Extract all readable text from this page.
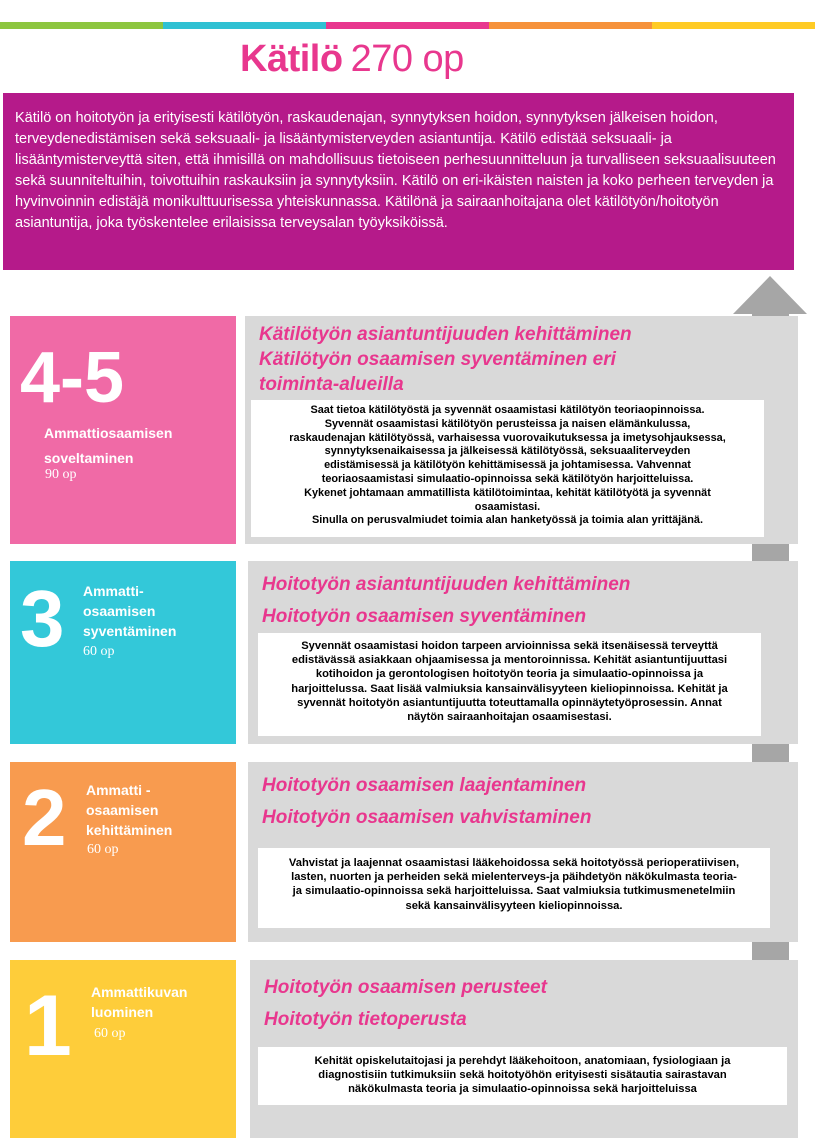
Kätilö 270 op
Kätilö on hoitotyön ja erityisesti kätilötyön, raskaudenajan, synnytyksen hoidon, synnytyksen jälkeisen hoidon, terveydenedistämisen sekä seksuaali- ja lisääntymisterveyden asiantuntija. Kätilö edistää seksuaali- ja lisääntymisterveyttä siten, että ihmisillä on mahdollisuus tietoiseen perhesuunnitteluun ja turvalliseen seksuaalisuuteen sekä suunniteltuihin, toivottuihin raskauksiin ja synnytyksiin. Kätilö on eri-ikäisten naisten ja koko perheen terveyden ja hyvinvoinnin edistäjä monikulttuurisessa yhteiskunnassa. Kätilönä ja sairaanhoitajana olet kätilötyön/hoitotyön asiantuntija, joka työskentelee erilaisissa terveysalan työyksiköissä.
4-5
Ammattiosaamisen
soveltaminen
90 op
Kätilötyön asiantuntijuuden kehittäminen
Kätilötyön osaamisen syventäminen eri
toiminta-alueilla
Saat tietoa kätilötyöstä ja syvennät osaamistasi kätilötyön teoriaopinnoissa.
Syvennät osaamistasi kätilötyön perusteissa ja naisen elämänkulussa,
raskaudenajan kätilötyössä, varhaisessa vuorovaikutuksessa ja imetysohjauksessa,
synnytyksenaikaisessa ja jälkeisessä kätilötyössä, seksuaaliterveyden
edistämisessä ja kätilötyön kehittämisessä ja johtamisessa. Vahvennat
teoriaosaamistasi simulaatio-opinnoissa sekä kätilötyön harjoitteluissa.
Kykenet johtamaan ammatillista kätilötoimintaa, kehität kätilötyötä ja syvennät
osaamistasi.
Sinulla on perusvalmiudet toimia alan hanketyössä ja toimia alan yrittäjänä.
3 Ammatti-
osaamisen
syventäminen
60 op
Hoitotyön asiantuntijuuden kehittäminen
Hoitotyön osaamisen syventäminen
Syvennät osaamistasi hoidon tarpeen arvioinnissa sekä itsenäisessä terveyttä
edistävässä asiakkaan ohjaamisessa ja mentoroinnissa. Kehität asiantuntijuuttasi
kotihoidon ja gerontologisen hoitotyön teoria ja simulaatio-opinnoissa ja
harjoittelussa. Saat lisää valmiuksia kansainvälisyyteen kieliopinnoissa. Kehität ja
syvennät hoitotyön asiantuntijuutta toteuttamalla opinnäytetyöprosessin. Annat
näytön sairaanhoitajan osaamisestasi.
2 Ammatti -
osaamisen
kehittäminen
60 op
Hoitotyön osaamisen laajentaminen
Hoitotyön osaamisen vahvistaminen
Vahvistat ja laajennat osaamistasi lääkehoidossa sekä hoitotyössä perioperatiivisen,
lasten, nuorten ja perheiden sekä mielenterveys-ja päihdetyön näkökulmasta teoria-
ja simulaatio-opinnoissa sekä harjoitteluissa. Saat valmiuksia tutkimusmenetelmiin
sekä kansainvälisyyteen kieliopinnoissa.
1 Ammattikuvan
luominen
60 op
Hoitotyön osaamisen perusteet
Hoitotyön tietoperusta
Kehität opiskelutaitojasi ja perehdyt lääkehoitoon, anatomiaan, fysiologiaan ja
diagnostisiin tutkimuksiin sekä hoitotyöhön erityisesti sisätautia sairastavan
näkökulmasta teoria ja simulaatio-opinnoissa sekä harjoitteluissa
